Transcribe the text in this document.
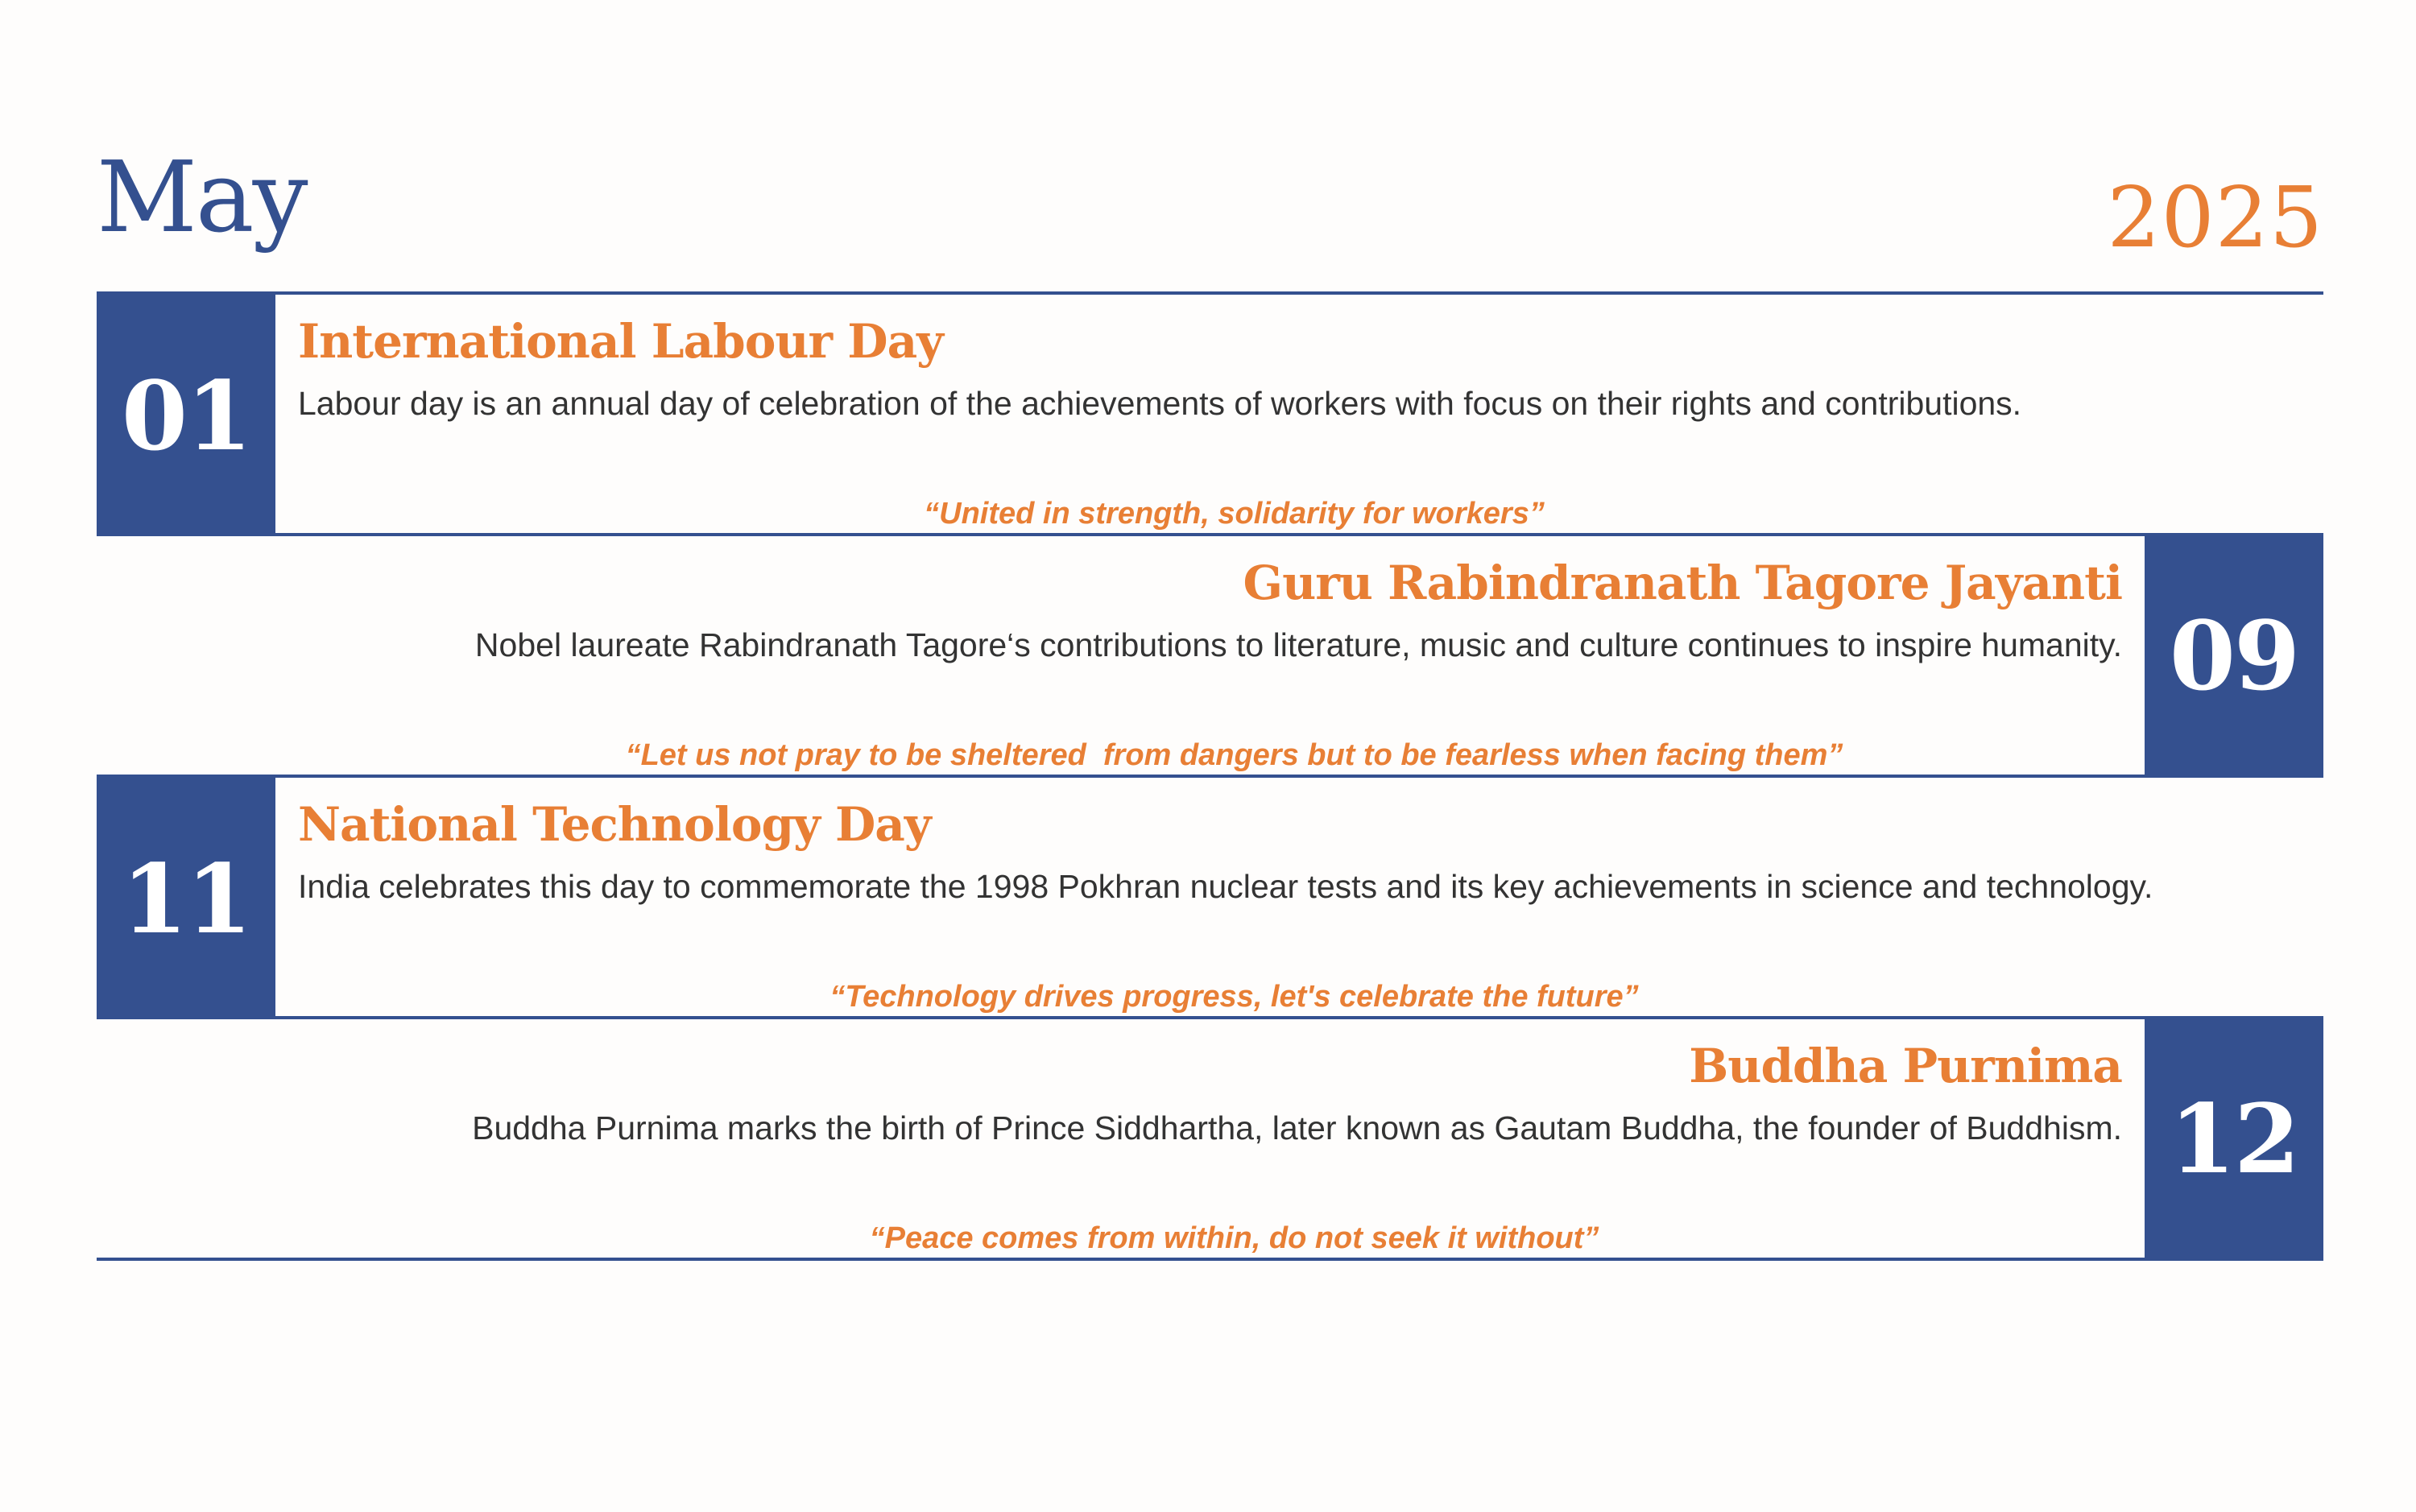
May	2025
01
International Labour Day
Labour day is an annual day of celebration of the achievements of workers with focus on their rights and contributions.
“United in strength, solidarity for workers”
09
Guru Rabindranath Tagore Jayanti
Nobel laureate Rabindranath Tagore‘s contributions to literature, music and culture continues to inspire humanity.
“Let us not pray to be sheltered  from dangers but to be fearless when facing them”
11
National Technology Day
India celebrates this day to commemorate the 1998 Pokhran nuclear tests and its key achievements in science and technology.
“Technology drives progress, let's celebrate the future”
12
Buddha Purnima
Buddha Purnima marks the birth of Prince Siddhartha, later known as Gautam Buddha, the founder of Buddhism.
“Peace comes from within, do not seek it without”
